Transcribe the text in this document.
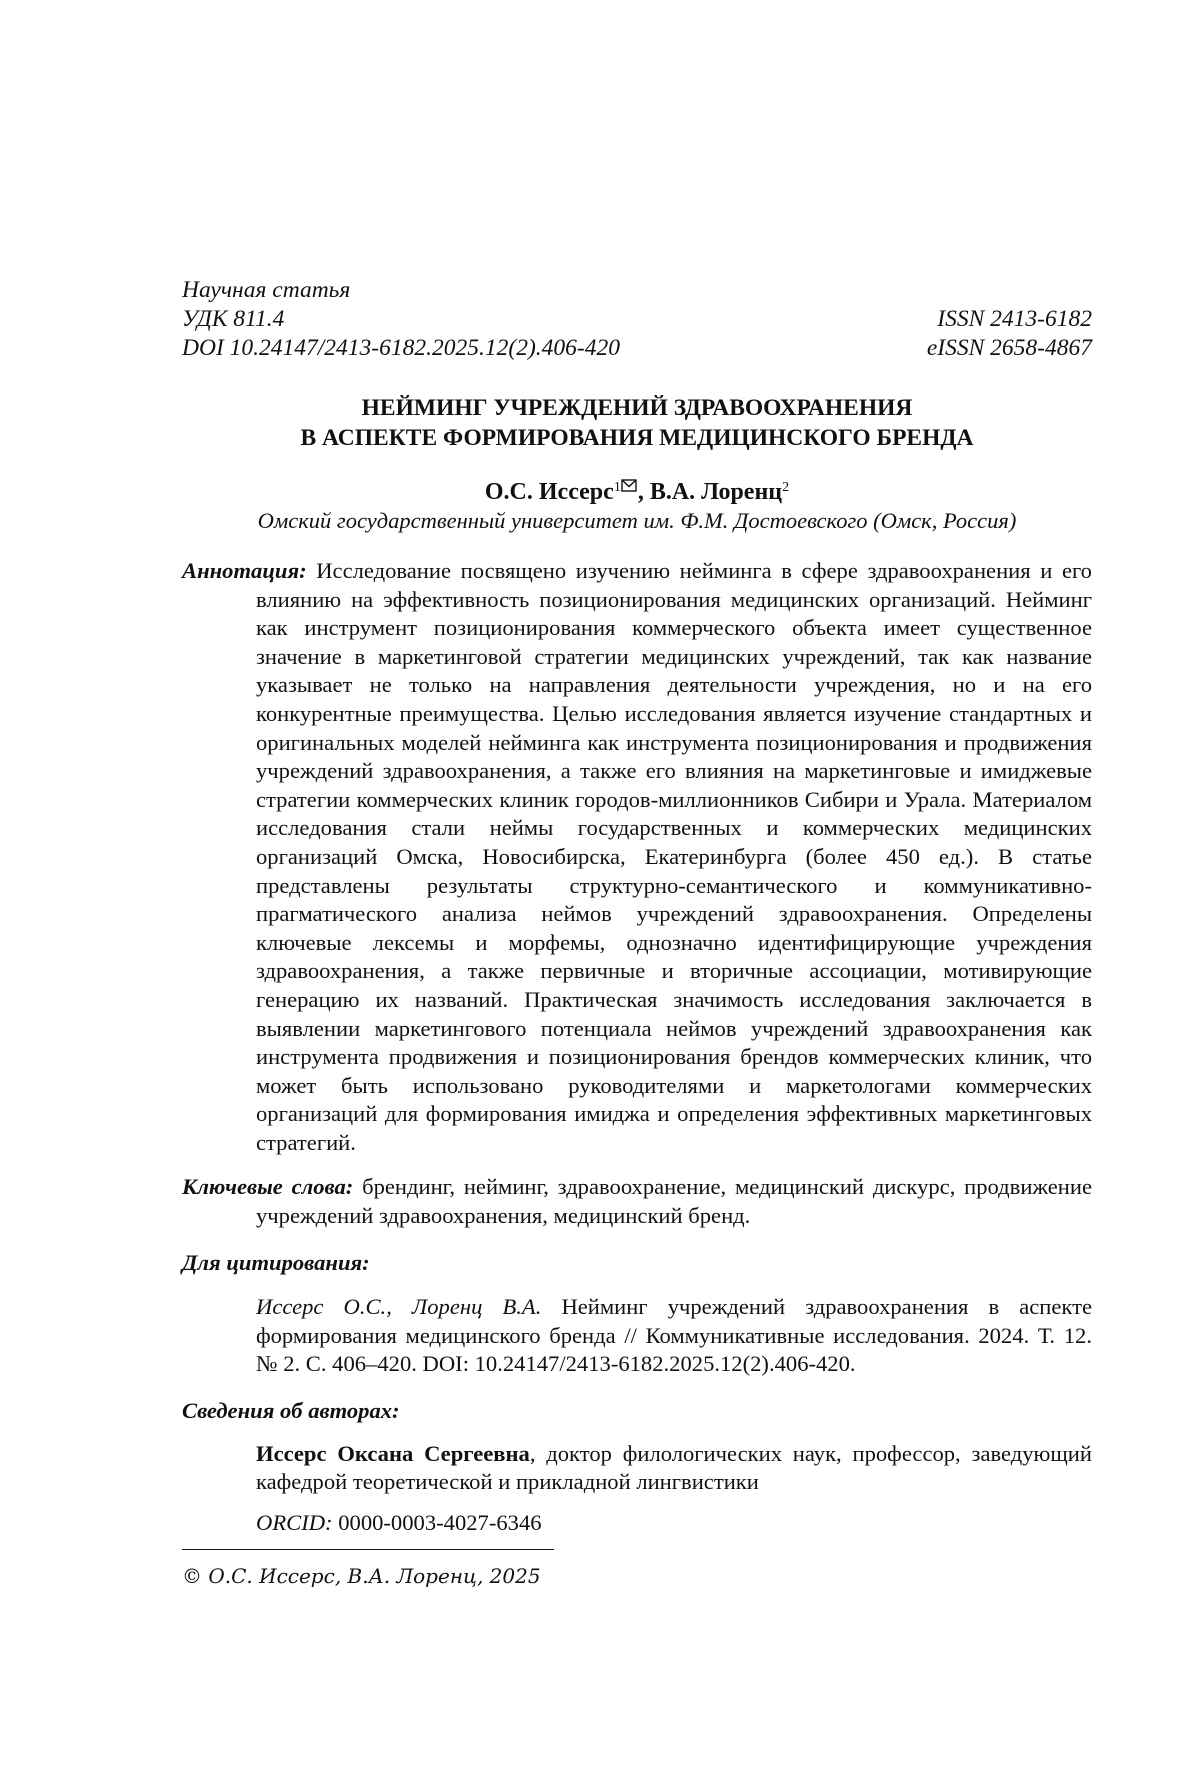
Научная статья
УДК 811.4	ISSN 2413-6182
DOI 10.24147/2413-6182.2025.12(2).406-420	eISSN 2658-4867
НЕЙМИНГ УЧРЕЖДЕНИЙ ЗДРАВООХРАНЕНИЯ
В АСПЕКТЕ ФОРМИРОВАНИЯ МЕДИЦИНСКОГО БРЕНДА
О.С. Иссерс$^1$ , В.А. Лоренц$^2$
Омский государственный университет им. Ф.М. Достоевского (Омск, Россия)
Аннотация: Исследование посвящено изучению нейминга в сфере здравоохранения и его влиянию на эффективность позиционирования медицинских организаций. Нейминг как инструмент позиционирования коммерческого объекта имеет существенное значение в маркетинговой стратегии медицинских учреждений, так как название указывает не только на направления деятельности учреждения, но и на его конкурентные преимущества. Целью исследования является изучение стандартных и оригинальных моделей нейминга как инструмента позиционирования и продвижения учреждений здравоохранения, а также его влияния на маркетинговые и имиджевые стратегии коммерческих клиник городов-миллионников Сибири и Урала. Материалом исследования стали неймы государственных и коммерческих медицинских организаций Омска, Новосибирска, Екатеринбурга (более 450 ед.). В статье представлены результаты структурно-семантического и коммуникативно-прагматического анализа неймов учреждений здравоохранения. Определены ключевые лексемы и морфемы, однозначно идентифицирующие учреждения здравоохранения, а также первичные и вторичные ассоциации, мотивирующие генерацию их названий. Практическая значимость исследования заключается в выявлении маркетингового потенциала неймов учреждений здравоохранения как инструмента продвижения и позиционирования брендов коммерческих клиник, что может быть использовано руководителями и маркетологами коммерческих организаций для формирования имиджа и определения эффективных маркетинговых стратегий.
Ключевые слова: брендинг, нейминг, здравоохранение, медицинский дискурс, продвижение учреждений здравоохранения, медицинский бренд.
Для цитирования:
Иссерс О.С., Лоренц В.А. Нейминг учреждений здравоохранения в аспекте формирования медицинского бренда // Коммуникативные исследования. 2024. Т. 12. № 2. С. 406–420. DOI: 10.24147/2413-6182.2025.12(2).406-420.
Сведения об авторах:
Иссерс Оксана Сергеевна, доктор филологических наук, профессор, заведующий кафедрой теоретической и прикладной лингвистики
ORCID: 0000-0003-4027-6346
© О.С. Иссерс, В.А. Лоренц, 2025
